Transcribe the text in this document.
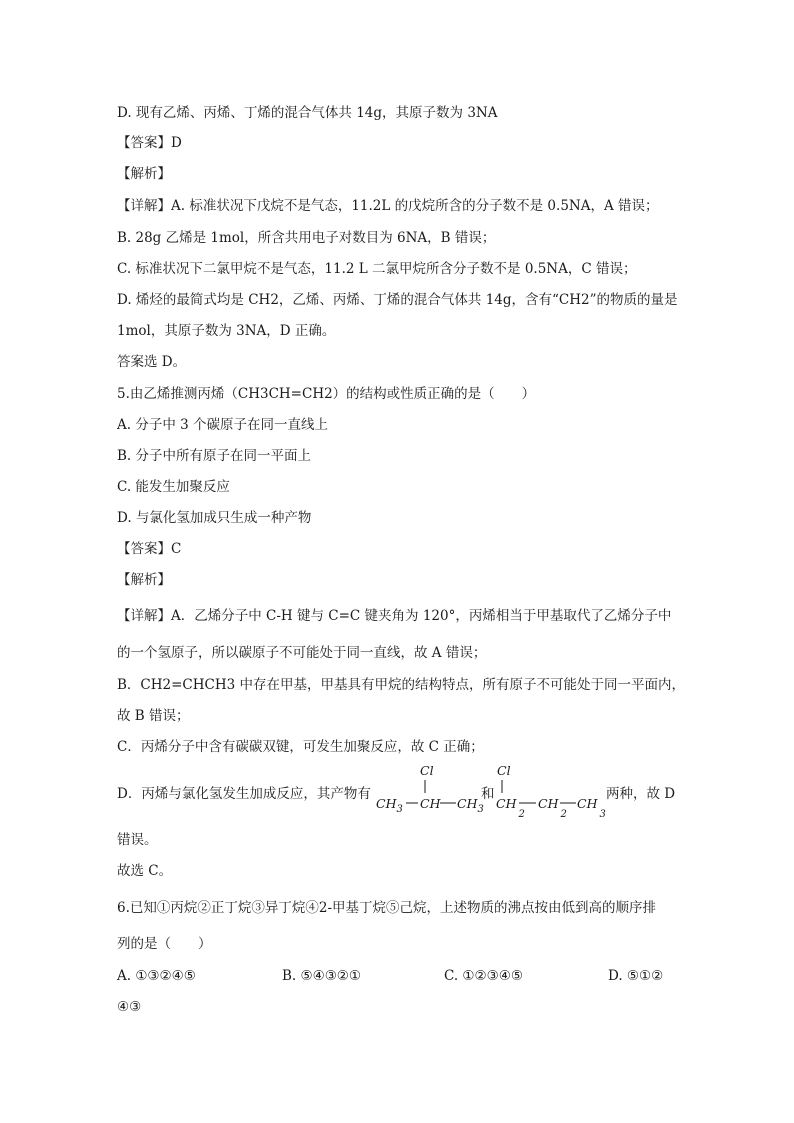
D. 现有乙烯、丙烯、丁烯的混合气体共 14g，其原子数为 3NA
【答案】D
【解析】
【详解】A. 标准状况下戊烷不是气态，11.2L 的戊烷所含的分子数不是 0.5NA，A 错误；
B. 28g 乙烯是 1mol，所含共用电子对数目为 6NA，B 错误；
C. 标准状况下二氯甲烷不是气态，11.2 L 二氯甲烷所含分子数不是 0.5NA，C 错误；
D. 烯烃的最简式均是 CH2，乙烯、丙烯、丁烯的混合气体共 14g，含有“CH2”的物质的量是
1mol，其原子数为 3NA，D 正确。
答案选 D。
5.由乙烯推测丙烯（CH3CH=CH2）的结构或性质正确的是（　　）
A. 分子中 3 个碳原子在同一直线上
B. 分子中所有原子在同一平面上
C. 能发生加聚反应
D. 与氯化氢加成只生成一种产物
【答案】C
【解析】
【详解】A．乙烯分子中 C-H 键与 C=C 键夹角为 120°，丙烯相当于甲基取代了乙烯分子中
的一个氢原子，所以碳原子不可能处于同一直线，故 A 错误；
B．CH2=CHCH3 中存在甲基，甲基具有甲烷的结构特点，所有原子不可能处于同一平面内，
故 B 错误；
C．丙烯分子中含有碳碳双键，可发生加聚反应，故 C 正确；
D．丙烯与氯化氢发生加成反应，其产物有	和	两种，故 D
Cl
$CH_3$ CH $CH_3$
Cl
$CH_2$
$CH_2$
$CH_3$
错误。
故选 C。
6.已知①丙烷②正丁烷③异丁烷④2-甲基丁烷⑤己烷，上述物质的沸点按由低到高的顺序排
列的是（　　）
A. ①③②④⑤	B. ⑤④③②①	C. ①②③④⑤	D. ⑤①②
④③
